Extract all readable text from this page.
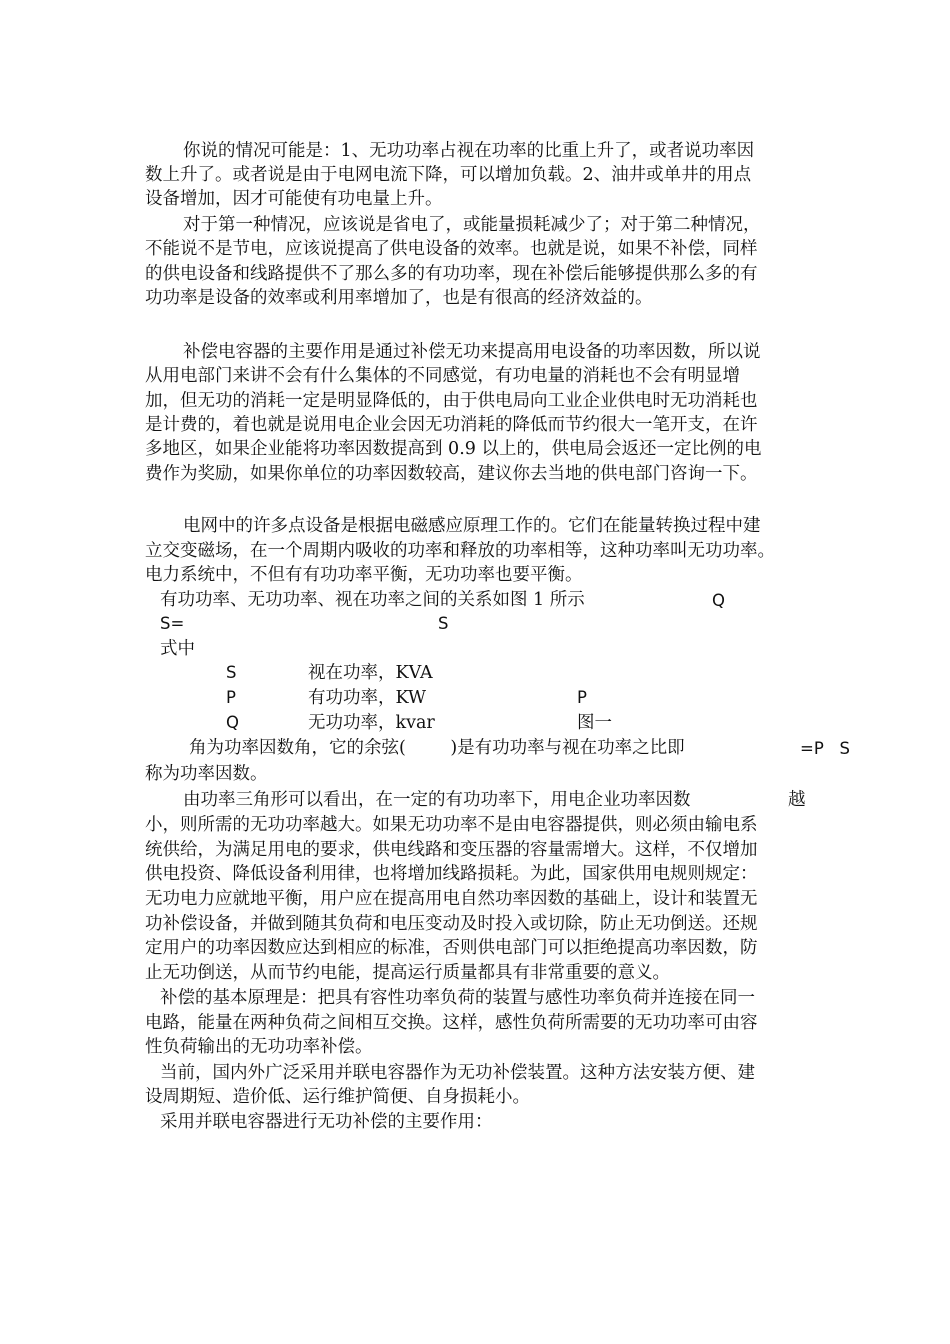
你说的情况可能是：1、无功功率占视在功率的比重上升了，或者说功率因
数上升了。或者说是由于电网电流下降，可以增加负载。2、油井或单井的用点
设备增加，因才可能使有功电量上升。
对于第一种情况，应该说是省电了，或能量损耗减少了；对于第二种情况，
不能说不是节电，应该说提高了供电设备的效率。也就是说，如果不补偿，同样
的供电设备和线路提供不了那么多的有功功率，现在补偿后能够提供那么多的有
功功率是设备的效率或利用率增加了，也是有很高的经济效益的。
补偿电容器的主要作用是通过补偿无功来提高用电设备的功率因数，所以说
从用电部门来讲不会有什么集体的不同感觉，有功电量的消耗也不会有明显增
加，但无功的消耗一定是明显降低的，由于供电局向工业企业供电时无功消耗也
是计费的，着也就是说用电企业会因无功消耗的降低而节约很大一笔开支，在许
多地区，如果企业能将功率因数提高到 0.9 以上的，供电局会返还一定比例的电
费作为奖励，如果你单位的功率因数较高，建议你去当地的供电部门咨询一下。
电网中的许多点设备是根据电磁感应原理工作的。它们在能量转换过程中建
立交变磁场，在一个周期内吸收的功率和释放的功率相等，这种功率叫无功功率。
电力系统中，不但有有功功率平衡，无功功率也要平衡。
有功功率、无功功率、视在功率之间的关系如图 1 所示	Q
S=	S
式中
S	视在功率，KVA
P	有功功率，KW	P
Q	无功功率，kvar	图一
角为功率因数角，它的余弦(        )是有功功率与视在功率之比即	=P   S
称为功率因数。
由功率三角形可以看出，在一定的有功功率下，用电企业功率因数	越
小，则所需的无功功率越大。如果无功功率不是由电容器提供，则必须由输电系
统供给，为满足用电的要求，供电线路和变压器的容量需增大。这样，不仅增加
供电投资、降低设备利用律，也将增加线路损耗。为此，国家供用电规则规定：
无功电力应就地平衡，用户应在提高用电自然功率因数的基础上，设计和装置无
功补偿设备，并做到随其负荷和电压变动及时投入或切除，防止无功倒送。还规
定用户的功率因数应达到相应的标准，否则供电部门可以拒绝提高功率因数，防
止无功倒送，从而节约电能，提高运行质量都具有非常重要的意义。
补偿的基本原理是：把具有容性功率负荷的装置与感性功率负荷并连接在同一
电路，能量在两种负荷之间相互交换。这样，感性负荷所需要的无功功率可由容
性负荷输出的无功功率补偿。
当前，国内外广泛采用并联电容器作为无功补偿装置。这种方法安装方便、建
设周期短、造价低、运行维护简便、自身损耗小。
采用并联电容器进行无功补偿的主要作用：
